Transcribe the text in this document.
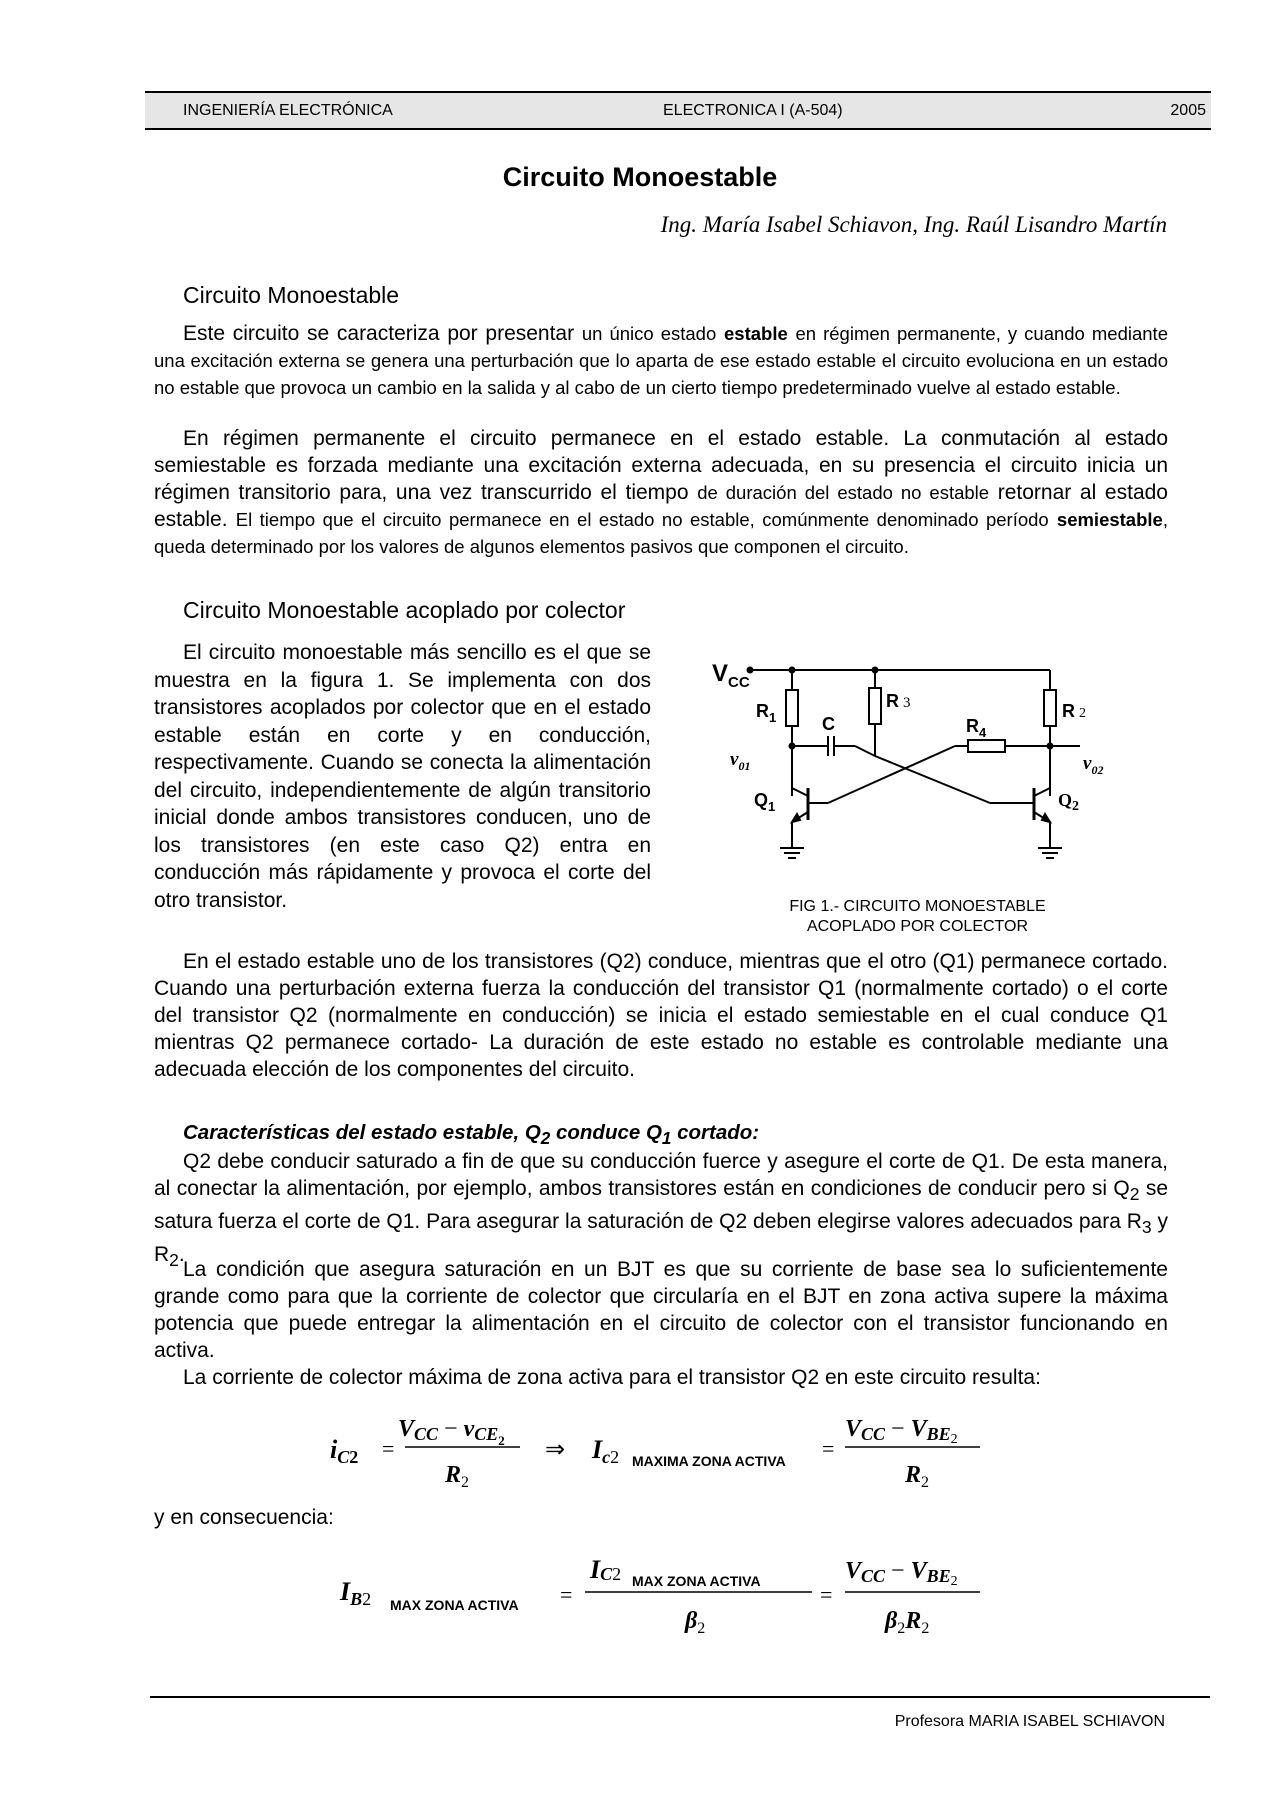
INGENIERÍA ELECTRÓNICA	ELECTRONICA I (A-504)	2005
Circuito Monoestable
Ing. María Isabel Schiavon, Ing. Raúl Lisandro Martín
Circuito Monoestable

Este circuito se caracteriza por presentar un único estado estable en régimen permanente, y cuando mediante una excitación externa se genera una perturbación que lo aparta de ese estado estable el circuito evoluciona en un estado no estable que provoca un cambio en la salida y al cabo de un cierto tiempo predeterminado vuelve al estado estable.

En régimen permanente el circuito permanece en el estado estable. La conmutación al estado semiestable es forzada mediante una excitación externa adecuada, en su presencia el circuito inicia un régimen transitorio para, una vez transcurrido el tiempo de duración del estado no estable retornar al estado estable. El tiempo que el circuito permanece en el estado no estable, comúnmente denominado período semiestable, queda determinado por los valores de algunos elementos pasivos que componen el circuito.

Circuito Monoestable acoplado por colector

El circuito monoestable más sencillo es el que se muestra en la figura 1. Se implementa con dos transistores acoplados por colector que en el estado estable están en corte y en conducción, respectivamente. Cuando se conecta la alimentación del circuito, independientemente de algún transitorio inicial donde ambos transistores conducen, uno de los transistores (en este caso Q2) entra en conducción más rápidamente y provoca el corte del otro transistor.

$V_{CC}$
$R_1$
R 3	R 2
C
$v_{01}$
$R_4$
$v_{02}$
$Q_1$	$Q_2$
FIG 1.- CIRCUITO MONOESTABLE
ACOPLADO POR COLECTOR

En el estado estable uno de los transistores (Q2) conduce, mientras que el otro (Q1) permanece cortado. Cuando una perturbación externa fuerza la conducción del transistor Q1 (normalmente cortado) o el corte del transistor Q2 (normalmente en conducción) se inicia el estado semiestable en el cual conduce Q1 mientras Q2 permanece cortado- La duración de este estado no estable es controlable mediante una adecuada elección de los componentes del circuito.

Características del estado estable, $Q_2$ conduce $Q_1$ cortado:

Q2 debe conducir saturado a fin de que su conducción fuerce y asegure el corte de Q1. De esta manera, al conectar la alimentación, por ejemplo, ambos transistores están en condiciones de conducir pero si $Q_2$ se satura fuerza el corte de Q1. Para asegurar la saturación de Q2 deben elegirse valores adecuados para $R_3$ y $R_2$.

La condición que asegura saturación en un BJT es que su corriente de base sea lo suficientemente grande como para que la corriente de colector que circularía en el BJT en zona activa supere la máxima potencia que puede entregar la alimentación en el circuito de colector con el transistor funcionando en activa.

La corriente de colector máxima de zona activa para el transistor Q2 en este circuito resulta:

iC2 =
VCC − vCE$_2$
$R_2$
⇒ Ic2 MAXIMA ZONA ACTIVA =
VCC − VBE2
$R_2$

y en consecuencia:

IB2 MAX ZONA ACTIVA =
IC2 MAX ZONA ACTIVA
$\beta_2$
=
VCC − VBE2
$\beta_2R_2$
Profesora MARIA ISABEL SCHIAVON
